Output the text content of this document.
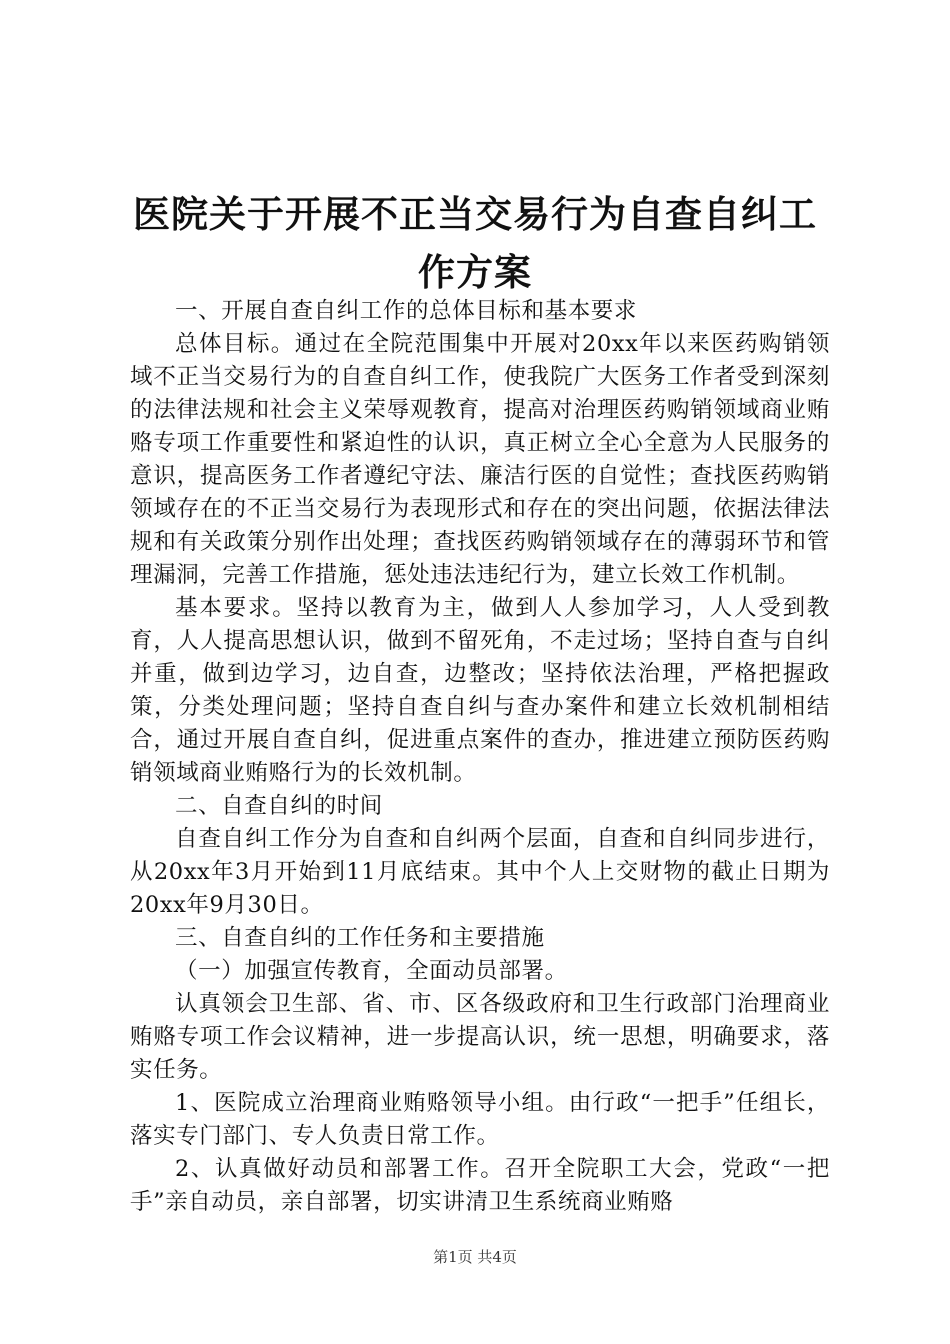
医院关于开展不正当交易行为自查自纠工作方案

一、开展自查自纠工作的总体目标和基本要求

总体目标。通过在全院范围集中开展对20xx年以来医药购销领域不正当交易行为的自查自纠工作，使我院广大医务工作者受到深刻的法律法规和社会主义荣辱观教育，提高对治理医药购销领域商业贿赂专项工作重要性和紧迫性的认识，真正树立全心全意为人民服务的意识，提高医务工作者遵纪守法、廉洁行医的自觉性；查找医药购销领域存在的不正当交易行为表现形式和存在的突出问题，依据法律法规和有关政策分别作出处理；查找医药购销领域存在的薄弱环节和管理漏洞，完善工作措施，惩处违法违纪行为，建立长效工作机制。

基本要求。坚持以教育为主，做到人人参加学习，人人受到教育，人人提高思想认识，做到不留死角，不走过场；坚持自查与自纠并重，做到边学习，边自查，边整改；坚持依法治理，严格把握政策，分类处理问题；坚持自查自纠与查办案件和建立长效机制相结合，通过开展自查自纠，促进重点案件的查办，推进建立预防医药购销领域商业贿赂行为的长效机制。

二、自查自纠的时间

自查自纠工作分为自查和自纠两个层面，自查和自纠同步进行，从20xx年3月开始到11月底结束。其中个人上交财物的截止日期为20xx年9月30日。

三、自查自纠的工作任务和主要措施

（一）加强宣传教育，全面动员部署。

认真领会卫生部、省、市、区各级政府和卫生行政部门治理商业贿赂专项工作会议精神，进一步提高认识，统一思想，明确要求，落实任务。

1、医院成立治理商业贿赂领导小组。由行政“一把手”任组长，落实专门部门、专人负责日常工作。

2、认真做好动员和部署工作。召开全院职工大会，党政“一把手”亲自动员，亲自部署，切实讲清卫生系统商业贿赂

第1页 共4页
